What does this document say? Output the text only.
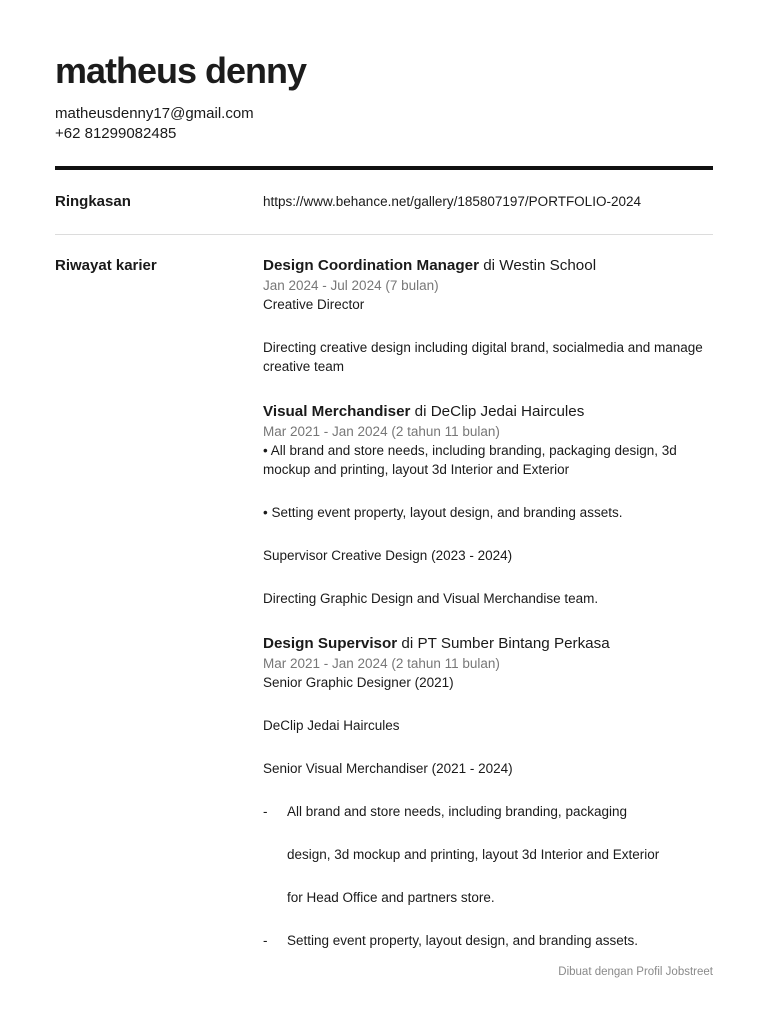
matheus denny
matheusdenny17@gmail.com
+62 81299082485
Ringkasan	https://www.behance.net/gallery/185807197/PORTFOLIO-2024
Riwayat karier	Design Coordination Manager di Westin School
Jan 2024 - Jul 2024 (7 bulan)

Creative Director

Directing creative design including digital brand, socialmedia and manage creative team

Visual Merchandiser di DeClip Jedai Haircules
Mar 2021 - Jan 2024 (2 tahun 11 bulan)

• All brand and store needs, including branding, packaging design, 3d mockup and printing, layout 3d Interior and Exterior

• Setting event property, layout design, and branding assets.

Supervisor Creative Design (2023 - 2024)

Directing Graphic Design and Visual Merchandise team.

Design Supervisor di PT Sumber Bintang Perkasa
Mar 2021 - Jan 2024 (2 tahun 11 bulan)

Senior Graphic Designer (2021)

DeClip Jedai Haircules

Senior Visual Merchandiser (2021 - 2024)

- All brand and store needs, including branding, packaging
design, 3d mockup and printing, layout 3d Interior and Exterior
for Head Office and partners store.
- Setting event property, layout design, and branding assets.
Dibuat dengan Profil Jobstreet
